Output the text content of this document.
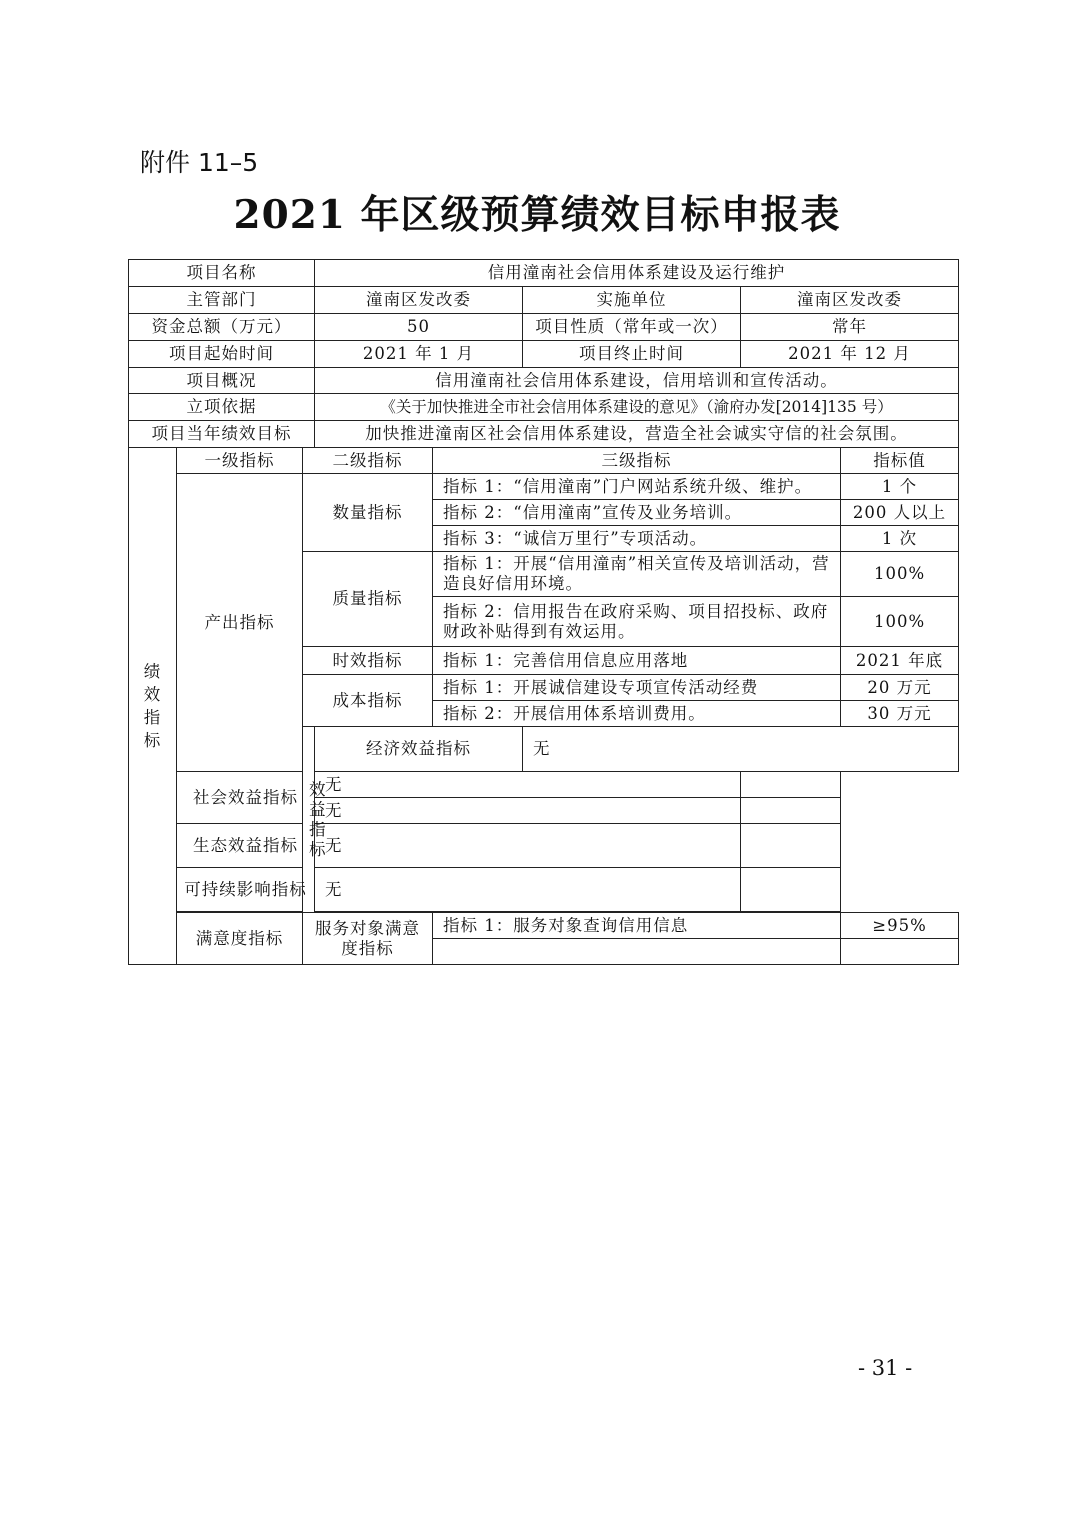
附件 11–5
2021 年区级预算绩效目标申报表
项目名称			信用潼南社会信用体系建设及运行维护					
主管部门			潼南区发改委		实施单位	潼南区发改委		
资金总额（万元）			50		项目性质（常年或一次）	常年		
项目起始时间			2021 年 1 月		项目终止时间	2021 年 12 月		
项目概况			信用潼南社会信用体系建设，信用培训和宣传活动。					
立项依据			《关于加快推进全市社会信用体系建设的意见》（渝府办发[2014]135 号）					
项目当年绩效目标			加快推进潼南区社会信用体系建设，营造全社会诚实守信的社会氛围。					
绩效指标	一级指标	二级指标		三级指标			指标值	
	产出指标	数量指标		指标 1：“信用潼南”门户网站系统升级、维护。			1 个	
				指标 2：“信用潼南”宣传及业务培训。			200 人以上	
				指标 3：“诚信万里行”专项活动。			1 次	
		质量指标		指标 1：开展“信用潼南”相关宣传及培训活动，营造良好信用环境。			100%	
				指标 2：信用报告在政府采购、项目招投标、政府财政补贴得到有效运用。			100%	
		时效指标		指标 1：完善信用信息应用落地			2021 年底	
		成本指标		指标 1：开展诚信建设专项宣传活动经费			20 万元	
				指标 2：开展信用体系培训费用。			30 万元	
		效益指标	经济效益指标		无			
	社会效益指标		无					
			无					
	生态效益指标		无					
	可持续影响指标		无					

	满意度指标	服务对象满意度指标		指标 1：服务对象查询信用信息			≥95%	

- 31 -
